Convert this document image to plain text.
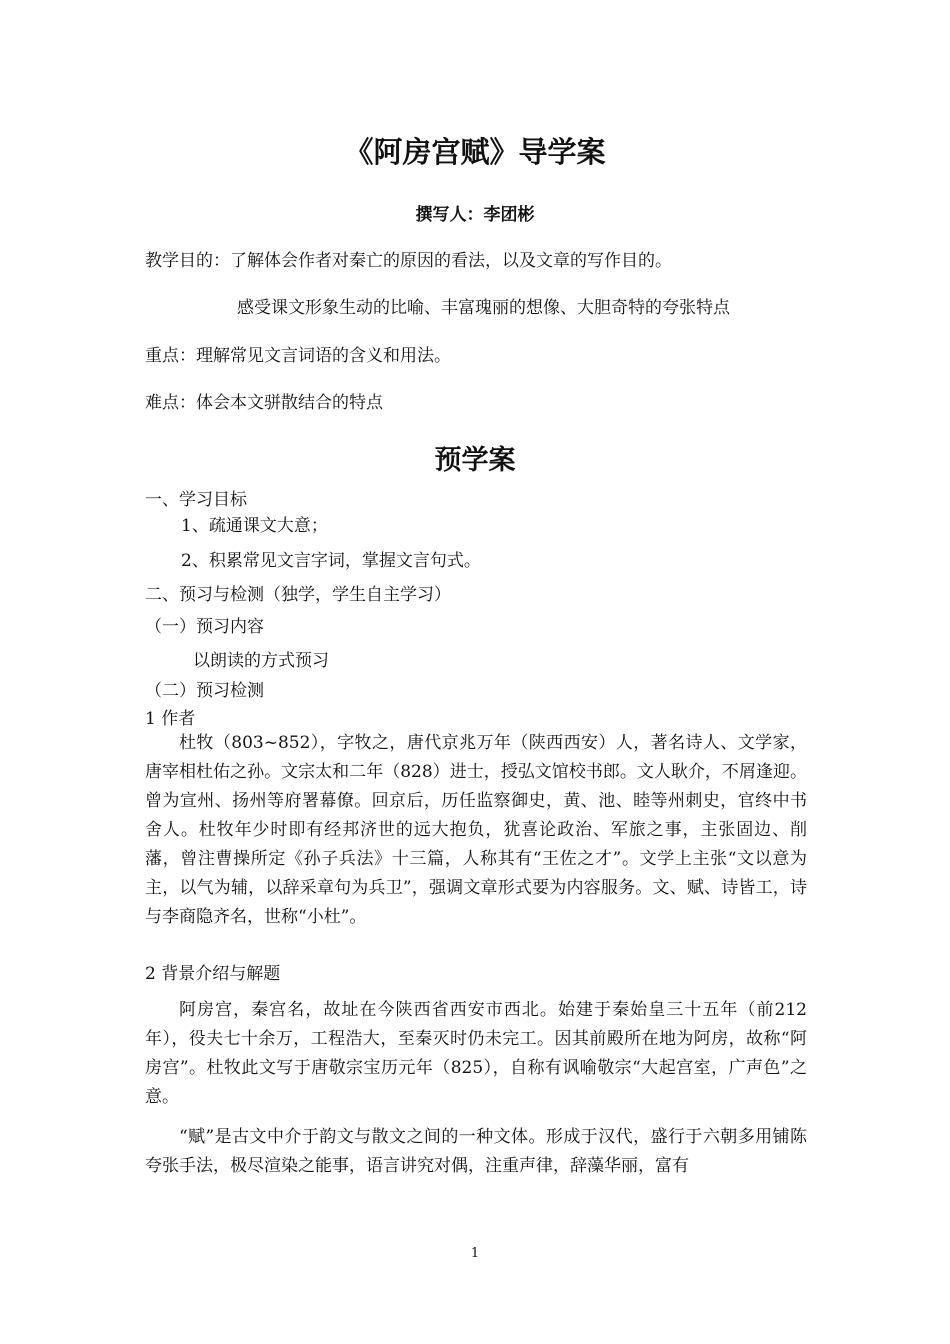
《阿房宫赋》导学案
撰写人：李团彬
教学目的：了解体会作者对秦亡的原因的看法，以及文章的写作目的。
感受课文形象生动的比喻、丰富瑰丽的想像、大胆奇特的夸张特点
重点：理解常见文言词语的含义和用法。
难点：体会本文骈散结合的特点
预学案
一、学习目标
1、疏通课文大意；
2、积累常见文言字词，掌握文言句式。
二、预习与检测（独学，学生自主学习）
（一）预习内容
以朗读的方式预习
（二）预习检测
1 作者
杜牧（803~852），字牧之，唐代京兆万年（陕西西安）人，著名诗人、文学家，唐宰相杜佑之孙。文宗太和二年（828）进士，授弘文馆校书郎。文人耿介，不屑逢迎。曾为宣州、扬州等府署幕僚。回京后，历任监察御史，黄、池、睦等州刺史，官终中书舍人。杜牧年少时即有经邦济世的远大抱负，犹喜论政治、军旅之事，主张固边、削藩，曾注曹操所定《孙子兵法》十三篇，人称其有“王佐之才”。文学上主张“文以意为主，以气为辅，以辞采章句为兵卫”，强调文章形式要为内容服务。文、赋、诗皆工，诗与李商隐齐名，世称“小杜”。
2 背景介绍与解题
阿房宫，秦宫名，故址在今陕西省西安市西北。始建于秦始皇三十五年（前212年），役夫七十余万，工程浩大，至秦灭时仍未完工。因其前殿所在地为阿房，故称“阿房宫”。杜牧此文写于唐敬宗宝历元年（825），自称有讽喻敬宗“大起宫室，广声色”之意。
“赋”是古文中介于韵文与散文之间的一种文体。形成于汉代，盛行于六朝多用铺陈夸张手法，极尽渲染之能事，语言讲究对偶，注重声律，辞藻华丽，富有
1
